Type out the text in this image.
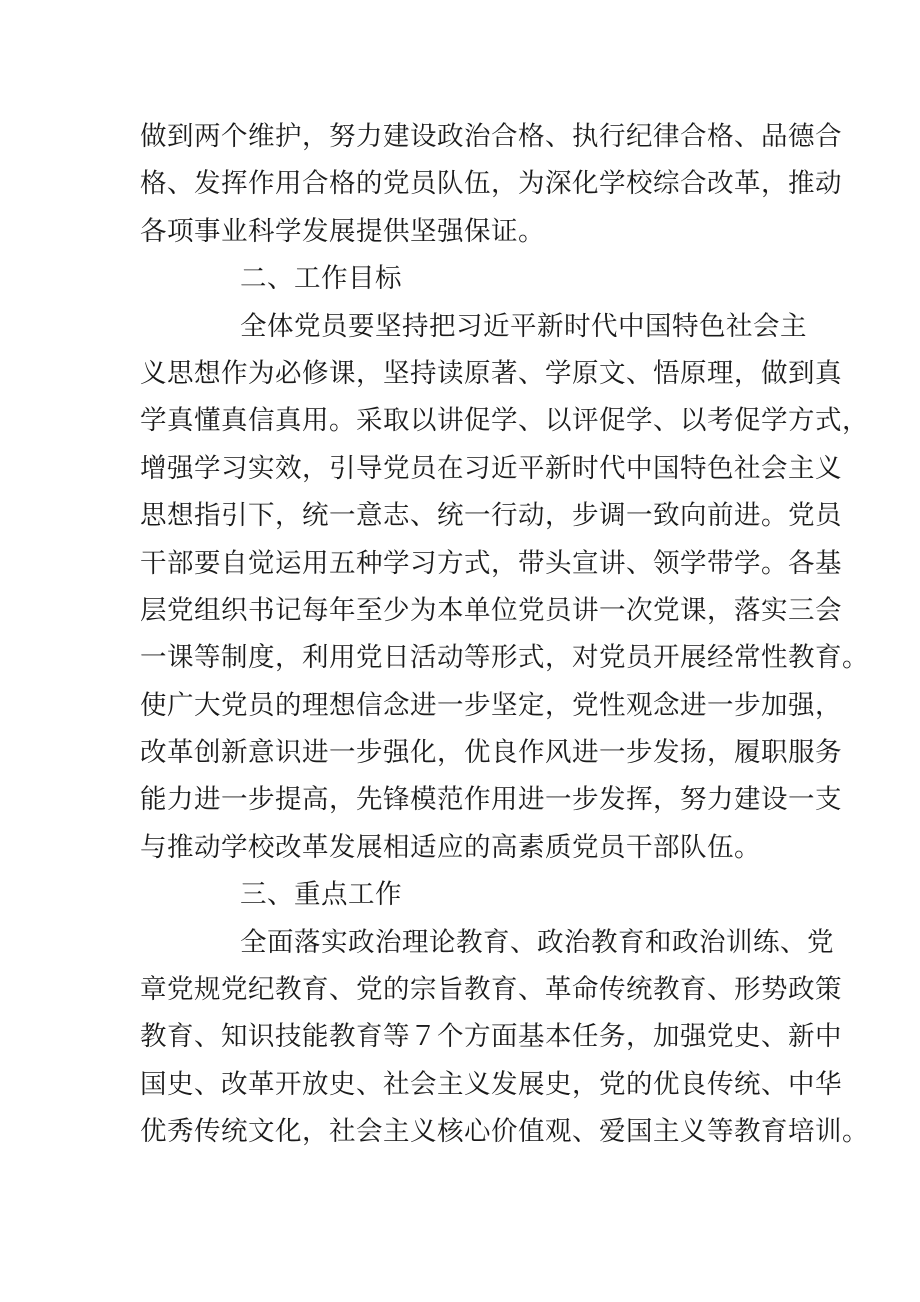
做到两个维护，努力建设政治合格、执行纪律合格、品德合
格、发挥作用合格的党员队伍，为深化学校综合改革，推动
各项事业科学发展提供坚强保证。
二、工作目标
全体党员要坚持把习近平新时代中国特色社会主
义思想作为必修课，坚持读原著、学原文、悟原理，做到真
学真懂真信真用。采取以讲促学、以评促学、以考促学方式，
增强学习实效，引导党员在习近平新时代中国特色社会主义
思想指引下，统一意志、统一行动，步调一致向前进。党员
干部要自觉运用五种学习方式，带头宣讲、领学带学。各基
层党组织书记每年至少为本单位党员讲一次党课，落实三会
一课等制度，利用党日活动等形式，对党员开展经常性教育。
使广大党员的理想信念进一步坚定，党性观念进一步加强，
改革创新意识进一步强化，优良作风进一步发扬，履职服务
能力进一步提高，先锋模范作用进一步发挥，努力建设一支
与推动学校改革发展相适应的高素质党员干部队伍。
三、重点工作
全面落实政治理论教育、政治教育和政治训练、党
章党规党纪教育、党的宗旨教育、革命传统教育、形势政策
教育、知识技能教育等７个方面基本任务，加强党史、新中
国史、改革开放史、社会主义发展史，党的优良传统、中华
优秀传统文化，社会主义核心价值观、爱国主义等教育培训。
